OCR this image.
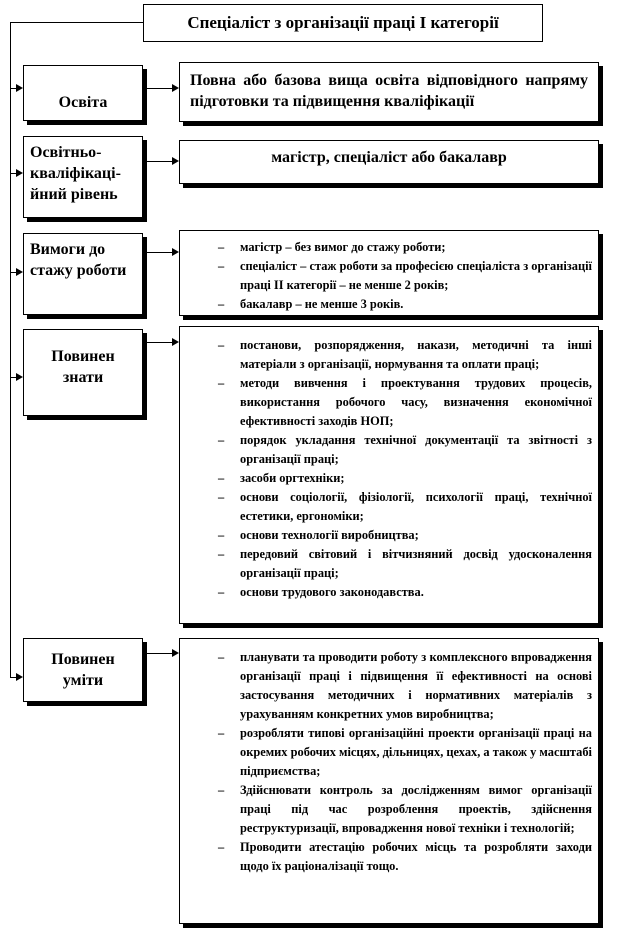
Спеціаліст з організації праці I категорії
Освіта
Повна або базова вища освіта відповідного напряму підготовки та підвищення кваліфікації
Освітньо-кваліфікаці-йний рівень
магістр, спеціаліст або бакалавр
Вимоги до стажу роботи
– магістр – без вимог до стажу роботи;
– спеціаліст – стаж роботи за професією спеціаліста з організації праці II категорії – не менше 2 років;
– бакалавр – не менше 3 років.
Повинен знати
– постанови, розпорядження, накази, методичні та інші матеріали з організації, нормування та оплати праці;
– методи вивчення і проектування трудових процесів, використання робочого часу, визначення економічної ефективності заходів НОП;
– порядок укладання технічної документації та звітності з організації праці;
– засоби оргтехніки;
– основи соціології, фізіології, психології праці, технічної естетики, ергономіки;
– основи технології виробництва;
– передовий світовий і вітчизняний досвід удосконалення організації праці;
– основи трудового законодавства.
Повинен уміти
– планувати та проводити роботу з комплексного впровадження організації праці і підвищення її ефективності на основі застосування методичних і нормативних матеріалів з урахуванням конкретних умов виробництва;
– розробляти типові організаційні проекти організації праці на окремих робочих місцях, дільницях, цехах, а також у масштабі підприємства;
– Здійснювати контроль за дослідженням вимог організації праці під час розроблення проектів, здійснення реструктуризації, впровадження нової техніки і технологій;
– Проводити атестацію робочих місць та розробляти заходи щодо їх раціоналізації тощо.
